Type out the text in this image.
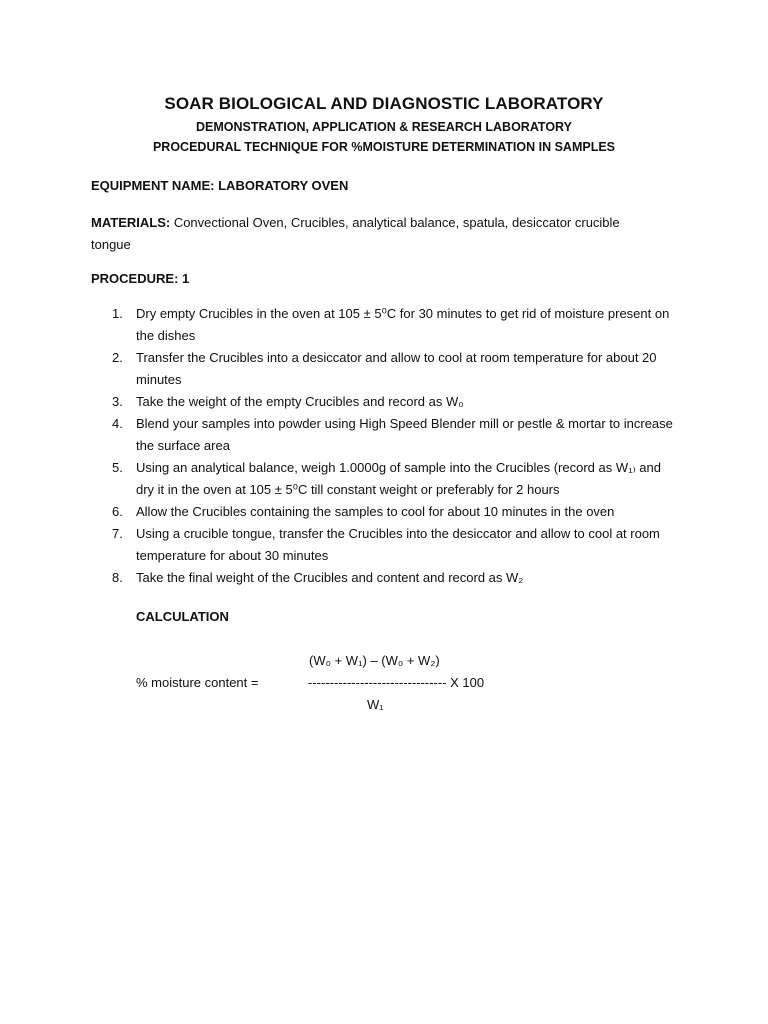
SOAR BIOLOGICAL AND DIAGNOSTIC LABORATORY
DEMONSTRATION, APPLICATION & RESEARCH LABORATORY
PROCEDURAL TECHNIQUE FOR %MOISTURE DETERMINATION IN SAMPLES
EQUIPMENT NAME: LABORATORY OVEN
MATERIALS: Convectional Oven, Crucibles, analytical balance, spatula, desiccator crucible tongue
PROCEDURE: 1
1. Dry empty Crucibles in the oven at 105 ± 5⁰C for 30 minutes to get rid of moisture present on the dishes
2. Transfer the Crucibles into a desiccator and allow to cool at room temperature for about 20 minutes
3. Take the weight of the empty Crucibles and record as W₀
4. Blend your samples into powder using High Speed Blender mill or pestle & mortar to increase the surface area
5. Using an analytical balance, weigh 1.0000g of sample into the Crucibles (record as W₁₎ and dry it in the oven at 105 ± 5⁰C till constant weight or preferably for 2 hours
6. Allow the Crucibles containing the samples to cool for about 10 minutes in the oven
7. Using a crucible tongue, transfer the Crucibles into the desiccator and allow to cool at room temperature for about 30 minutes
8. Take the final weight of the Crucibles and content and record as W₂
CALCULATION
(W₀ + W₁) – (W₀ + W₂)
% moisture content =	-------------------------------- X 100
W₁
